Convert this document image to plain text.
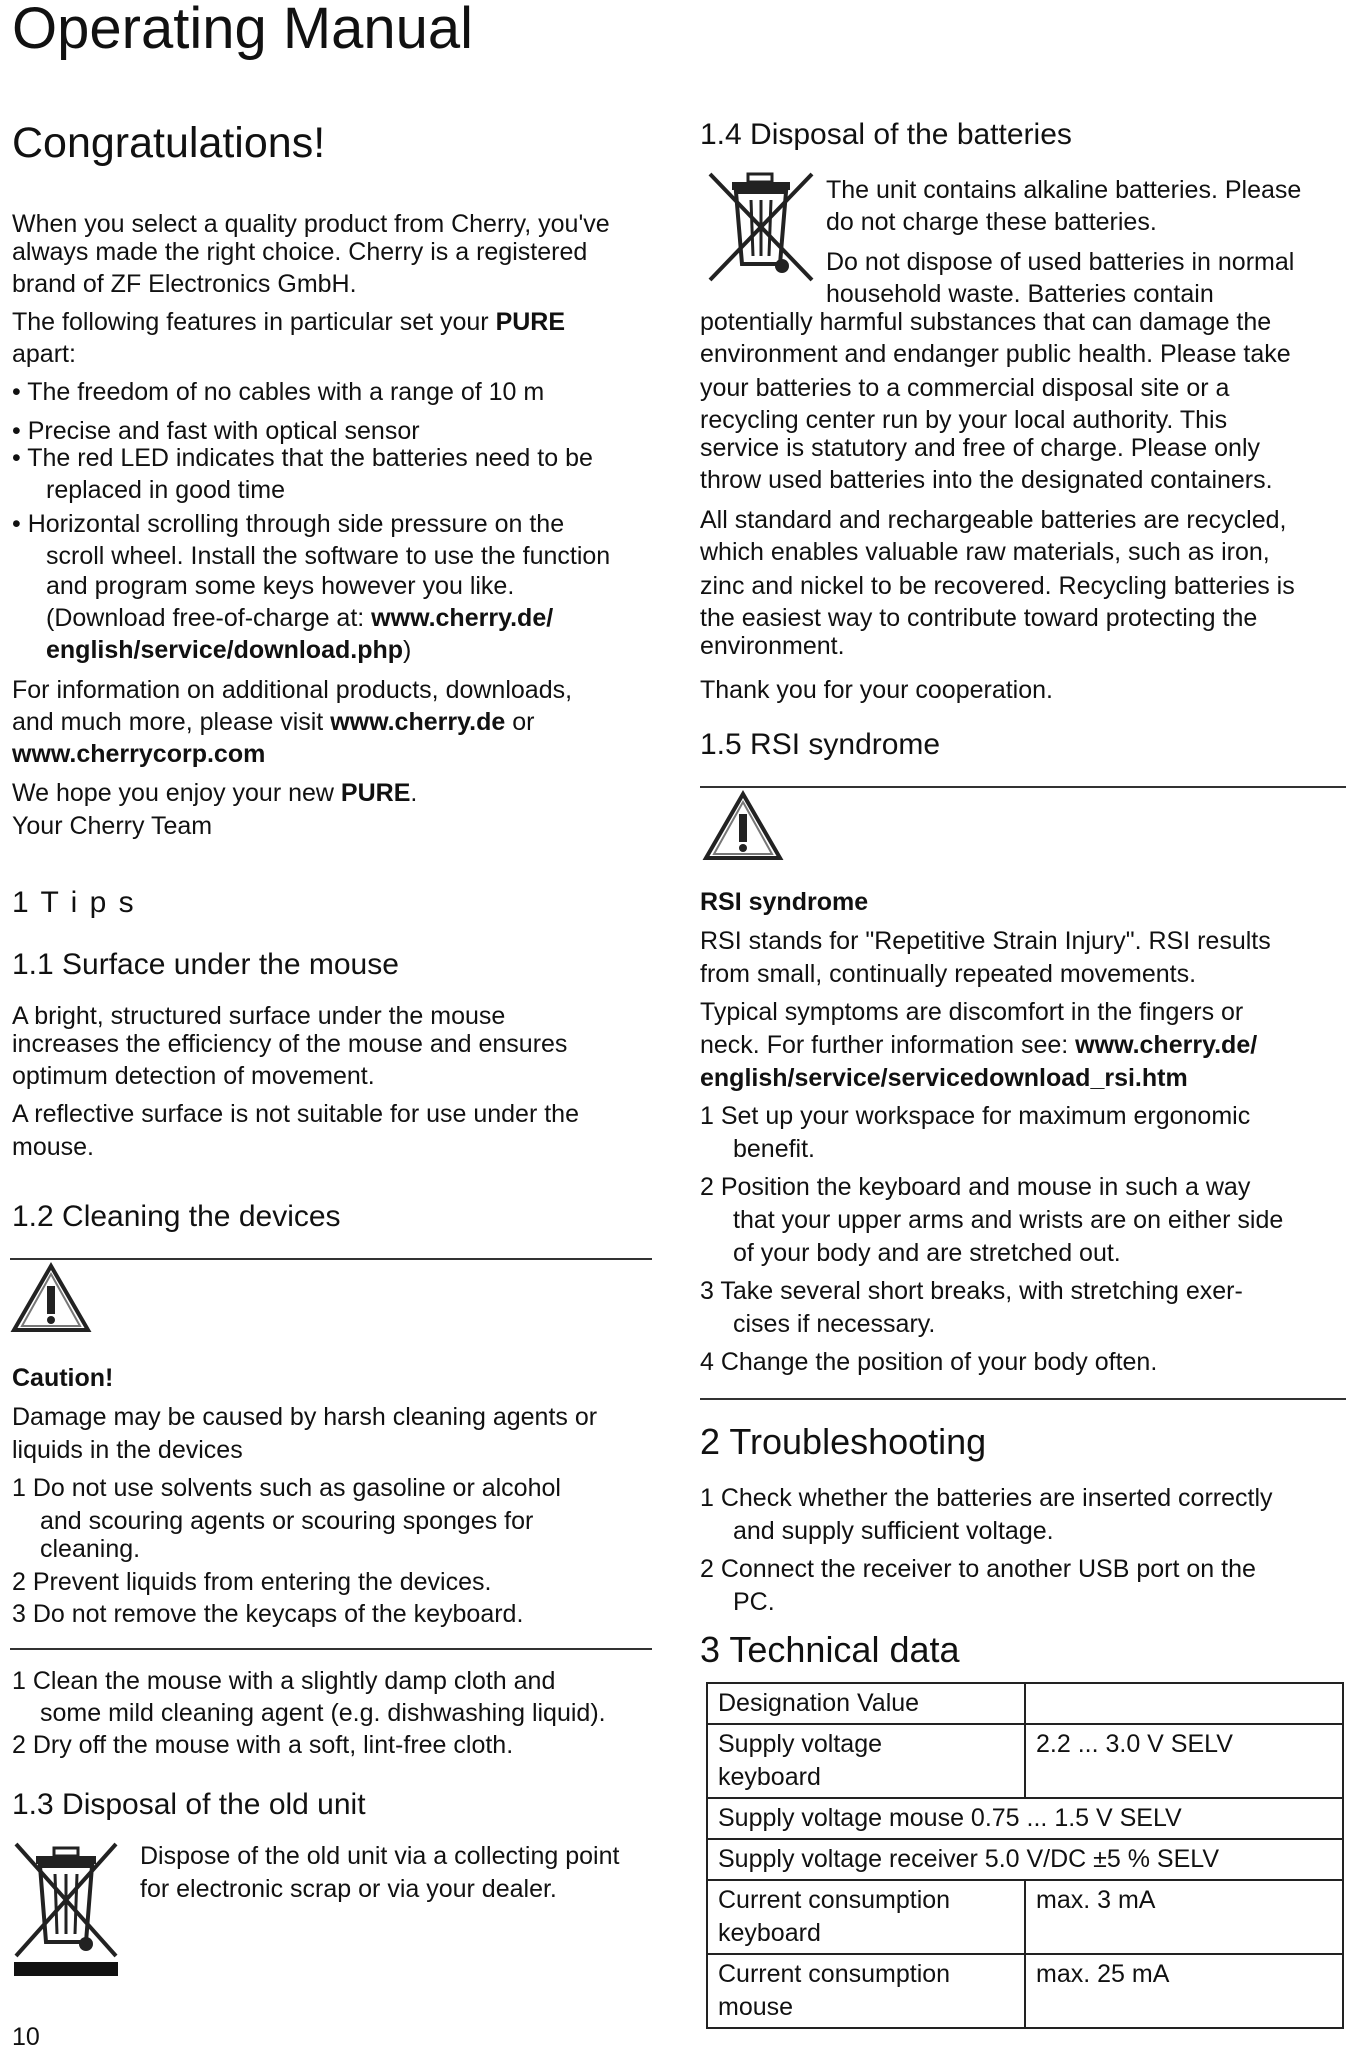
Operating Manual
Congratulations!
When you select a quality product from Cherry, you've
always made the right choice. Cherry is a registered
brand of ZF Electronics GmbH.
The following features in particular set your PURE
apart:
• The freedom of no cables with a range of 10 m
• Precise and fast with optical sensor
• The red LED indicates that the batteries need to be
replaced in good time
• Horizontal scrolling through side pressure on the
scroll wheel. Install the software to use the function
and program some keys however you like.
(Download free-of-charge at: www.cherry.de/
english/service/download.php)
For information on additional products, downloads,
and much more, please visit www.cherry.de or
www.cherrycorp.com
We hope you enjoy your new PURE.
Your Cherry Team
1 T i p s
1.1 Surface under the mouse
A bright, structured surface under the mouse
increases the efficiency of the mouse and ensures
optimum detection of movement.
A reflective surface is not suitable for use under the
mouse.
1.2 Cleaning the devices
Caution!
Damage may be caused by harsh cleaning agents or
liquids in the devices
1 Do not use solvents such as gasoline or alcohol
and scouring agents or scouring sponges for
cleaning.
2 Prevent liquids from entering the devices.
3 Do not remove the keycaps of the keyboard.
1 Clean the mouse with a slightly damp cloth and
some mild cleaning agent (e.g. dishwashing liquid).
2 Dry off the mouse with a soft, lint-free cloth.
1.3 Disposal of the old unit
Dispose of the old unit via a collecting point
for electronic scrap or via your dealer.
10
1.4 Disposal of the batteries
The unit contains alkaline batteries. Please
do not charge these batteries.
Do not dispose of used batteries in normal
household waste. Batteries contain
potentially harmful substances that can damage the
environment and endanger public health. Please take
your batteries to a commercial disposal site or a
recycling center run by your local authority. This
service is statutory and free of charge. Please only
throw used batteries into the designated containers.
All standard and rechargeable batteries are recycled,
which enables valuable raw materials, such as iron,
zinc and nickel to be recovered. Recycling batteries is
the easiest way to contribute toward protecting the
environment.
Thank you for your cooperation.
1.5 RSI syndrome
RSI syndrome
RSI stands for "Repetitive Strain Injury". RSI results
from small, continually repeated movements.
Typical symptoms are discomfort in the fingers or
neck. For further information see: www.cherry.de/
english/service/servicedownload_rsi.htm
1 Set up your workspace for maximum ergonomic
benefit.
2 Position the keyboard and mouse in such a way
that your upper arms and wrists are on either side
of your body and are stretched out.
3 Take several short breaks, with stretching exer-
cises if necessary.
4 Change the position of your body often.
2 Troubleshooting
1 Check whether the batteries are inserted correctly
and supply sufficient voltage.
2 Connect the receiver to another USB port on the
PC.
3 Technical data
Designation Value	

Supply voltage
keyboard	2.2 ... 3.0 V SELV
Supply voltage mouse 0.75 ... 1.5 V SELV	
Supply voltage receiver 5.0 V/DC ±5 % SELV	

Current consumption
keyboard	max. 3 mA

Current consumption
mouse	max. 25 mA
